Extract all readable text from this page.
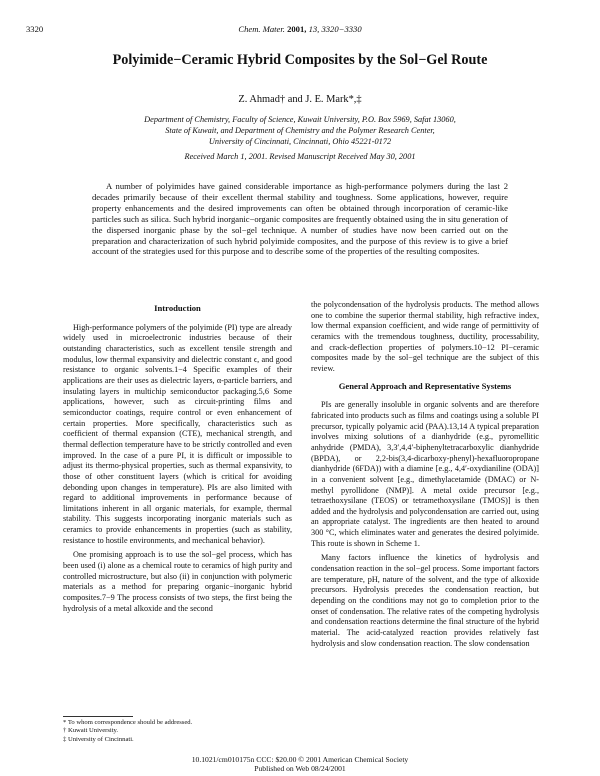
3320	Chem. Mater. 2001, 13, 3320−3330
Polyimide−Ceramic Hybrid Composites by the Sol−Gel Route
Z. Ahmad† and J. E. Mark*,‡
Department of Chemistry, Faculty of Science, Kuwait University, P.O. Box 5969, Safat 13060,
State of Kuwait, and Department of Chemistry and the Polymer Research Center,
University of Cincinnati, Cincinnati, Ohio 45221-0172
Received March 1, 2001. Revised Manuscript Received May 30, 2001

A number of polyimides have gained considerable importance as high-performance polymers during the last 2 decades primarily because of their excellent thermal stability and toughness. Some applications, however, require property enhancements and the desired improvements can often be obtained through incorporation of ceramic-like particles such as silica. Such hybrid inorganic−organic composites are frequently obtained using the in situ generation of the dispersed inorganic phase by the sol−gel technique. A number of studies have now been carried out on the preparation and characterization of such hybrid polyimide composites, and the purpose of this review is to give a brief account of the strategies used for this purpose and to describe some of the properties of the resulting composites.

Introduction

High-performance polymers of the polyimide (PI) type are already widely used in microelectronic industries because of their outstanding characteristics, such as excellent tensile strength and modulus, low thermal expansivity and dielectric constant ϵ, and good resistance to organic solvents.1−4 Specific examples of their applications are their uses as dielectric layers, α-particle barriers, and insulating layers in multichip semiconductor packaging.5,6 Some applications, however, such as circuit-printing films and semiconductor coatings, require control or even enhancement of certain properties. More specifically, characteristics such as coefficient of thermal expansion (CTE), mechanical strength, and thermal deflection temperature have to be strictly controlled and even improved. In the case of a pure PI, it is difficult or impossible to adjust its thermo-physical properties, such as thermal expansivity, to those of other constituent layers (which is critical for avoiding debonding upon changes in temperature). PIs are also limited with regard to additional improvements in performance because of limitations inherent in all organic materials, for example, thermal stability. This suggests incorporating inorganic materials such as ceramics to provide enhancements in properties (such as stability, resistance to hostile environments, and mechanical behavior).

One promising approach is to use the sol−gel process, which has been used (i) alone as a chemical route to ceramics of high purity and controlled microstructure, but also (ii) in conjunction with polymeric materials as a method for preparing organic−inorganic hybrid composites.7−9 The process consists of two steps, the first being the hydrolysis of a metal alkoxide and the second

the polycondensation of the hydrolysis products. The method allows one to combine the superior thermal stability, high refractive index, low thermal expansion coefficient, and wide range of permittivity of ceramics with the tremendous toughness, ductility, processability, and crack-deflection properties of polymers.10−12 PI−ceramic composites made by the sol−gel technique are the subject of this review.

General Approach and Representative Systems

PIs are generally insoluble in organic solvents and are therefore fabricated into products such as films and coatings using a soluble PI precursor, typically polyamic acid (PAA).13,14 A typical preparation involves mixing solutions of a dianhydride (e.g., pyromellitic anhydride (PMDA), 3,3′,4,4′-biphenyltetracarboxylic dianhydride (BPDA), or 2,2-bis(3,4-dicarboxy-phenyl)-hexafluoropropane dianhydride (6FDA)) with a diamine [e.g., 4,4′-oxydianiline (ODA)] in a convenient solvent [e.g., dimethylacetamide (DMAC) or N-methyl pyrollidone (NMP)]. A metal oxide precursor [e.g., tetraethoxysilane (TEOS) or tetramethoxysilane (TMOS)] is then added and the hydrolysis and polycondensation are carried out, using an appropriate catalyst. The ingredients are then heated to around 300 °C, which eliminates water and generates the desired polyimide. This route is shown in Scheme 1.

Many factors influence the kinetics of hydrolysis and condensation reaction in the sol−gel process. Some important factors are temperature, pH, nature of the solvent, and the type of alkoxide precursors. Hydrolysis precedes the condensation reaction, but depending on the conditions may not go to completion prior to the onset of condensation. The relative rates of the competing hydrolysis and condensation reactions determine the final structure of the hybrid material. The acid-catalyzed reaction provides relatively fast hydrolysis and slow condensation reaction. The slow condensation

* To whom correspondence should be addressed.
† Kuwait University.
‡ University of Cincinnati.
10.1021/cm010175n CCC: $20.00 © 2001 American Chemical Society
Published on Web 08/24/2001
